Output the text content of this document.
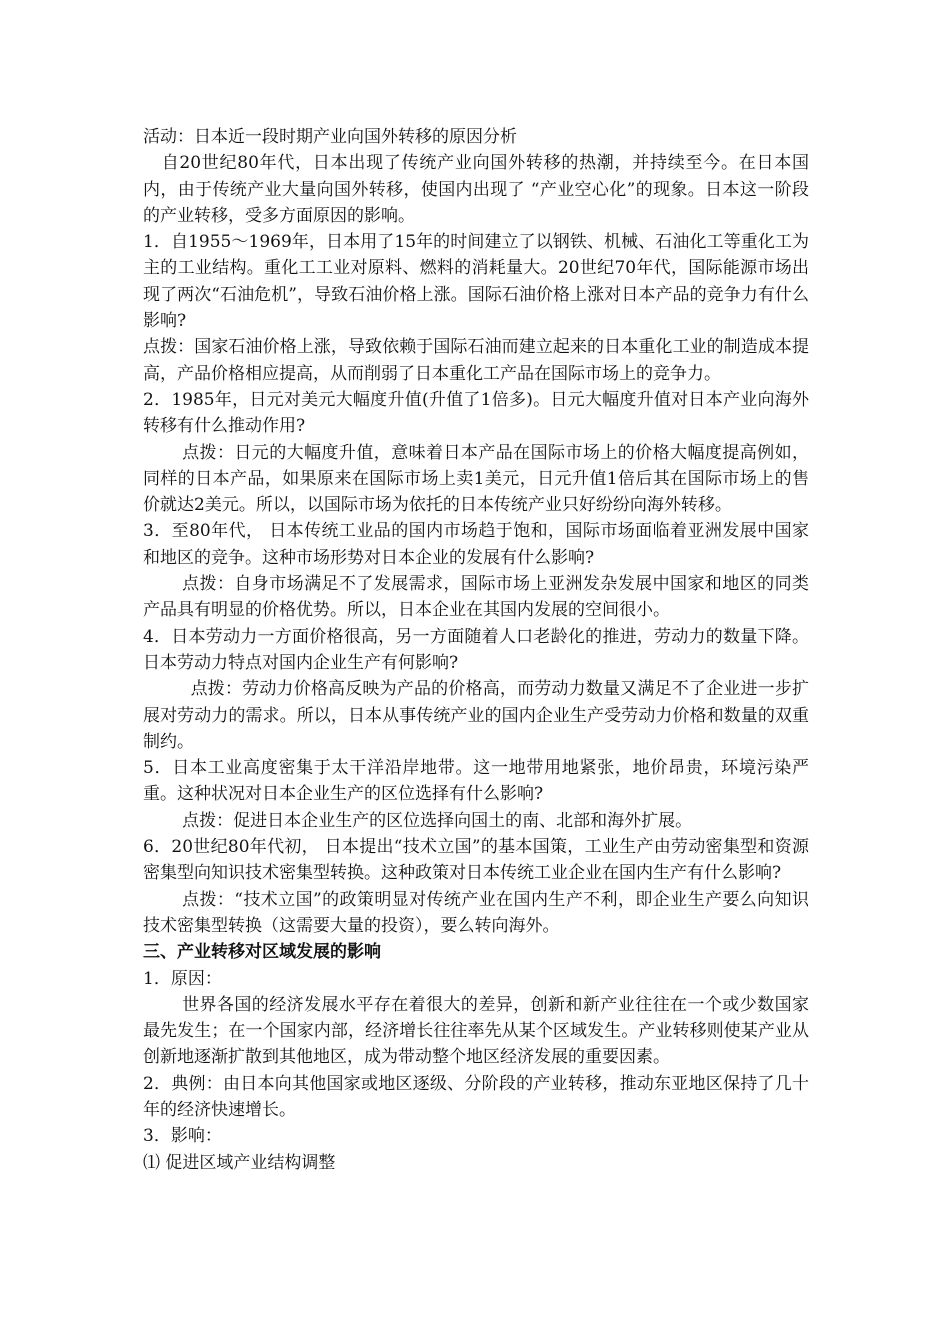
活动：日本近一段时期产业向国外转移的原因分析

自20世纪80年代，日本出现了传统产业向国外转移的热潮，并持续至今。在日本国内，由于传统产业大量向国外转移，使国内出现了 “产业空心化”的现象。日本这一阶段的产业转移，受多方面原因的影响。

1．自1955～1969年，日本用了15年的时间建立了以钢铁、机械、石油化工等重化工为主的工业结构。重化工工业对原料、燃料的消耗量大。20世纪70年代，国际能源市场出现了两次“石油危机”，导致石油价格上涨。国际石油价格上涨对日本产品的竞争力有什么影响?

点拨：国家石油价格上涨，导致依赖于国际石油而建立起来的日本重化工业的制造成本提高，产品价格相应提高，从而削弱了日本重化工产品在国际市场上的竞争力。

2．1985年，日元对美元大幅度升值(升值了1倍多)。日元大幅度升值对日本产业向海外转移有什么推动作用?

点拨：日元的大幅度升值，意味着日本产品在国际市场上的价格大幅度提高例如，同样的日本产品，如果原来在国际市场上卖1美元，日元升值1倍后其在国际市场上的售价就达2美元。所以，以国际市场为依托的日本传统产业只好纷纷向海外转移。

3．至80年代， 日本传统工业品的国内市场趋于饱和，国际市场面临着亚洲发展中国家和地区的竞争。这种市场形势对日本企业的发展有什么影响?

点拨：自身市场满足不了发展需求，国际市场上亚洲发杂发展中国家和地区的同类产品具有明显的价格优势。所以，日本企业在其国内发展的空间很小。

4．日本劳动力一方面价格很高，另一方面随着人口老龄化的推进，劳动力的数量下降。 日本劳动力特点对国内企业生产有何影响?

点拨：劳动力价格高反映为产品的价格高，而劳动力数量又满足不了企业进一步扩展对劳动力的需求。所以，日本从事传统产业的国内企业生产受劳动力价格和数量的双重制约。

5．日本工业高度密集于太干洋沿岸地带。这一地带用地紧张，地价昂贵，环境污染严重。这种状况对日本企业生产的区位选择有什么影响?

点拨：促进日本企业生产的区位选择向国土的南、北部和海外扩展。

6．20世纪80年代初， 日本提出“技术立国”的基本国策，工业生产由劳动密集型和资源密集型向知识技术密集型转换。这种政策对日本传统工业企业在国内生产有什么影响?

点拨：“技术立国”的政策明显对传统产业在国内生产不利，即企业生产要么向知识技术密集型转换（这需要大量的投资），要么转向海外。

三、产业转移对区域发展的影响

1．原因：

世界各国的经济发展水平存在着很大的差异，创新和新产业往往在一个或少数国家最先发生；在一个国家内部，经济增长往往率先从某个区域发生。产业转移则使某产业从创新地逐渐扩散到其他地区，成为带动整个地区经济发展的重要因素。

2．典例：由日本向其他国家或地区逐级、分阶段的产业转移，推动东亚地区保持了几十年的经济快速增长。

3．影响：

⑴ 促进区域产业结构调整
